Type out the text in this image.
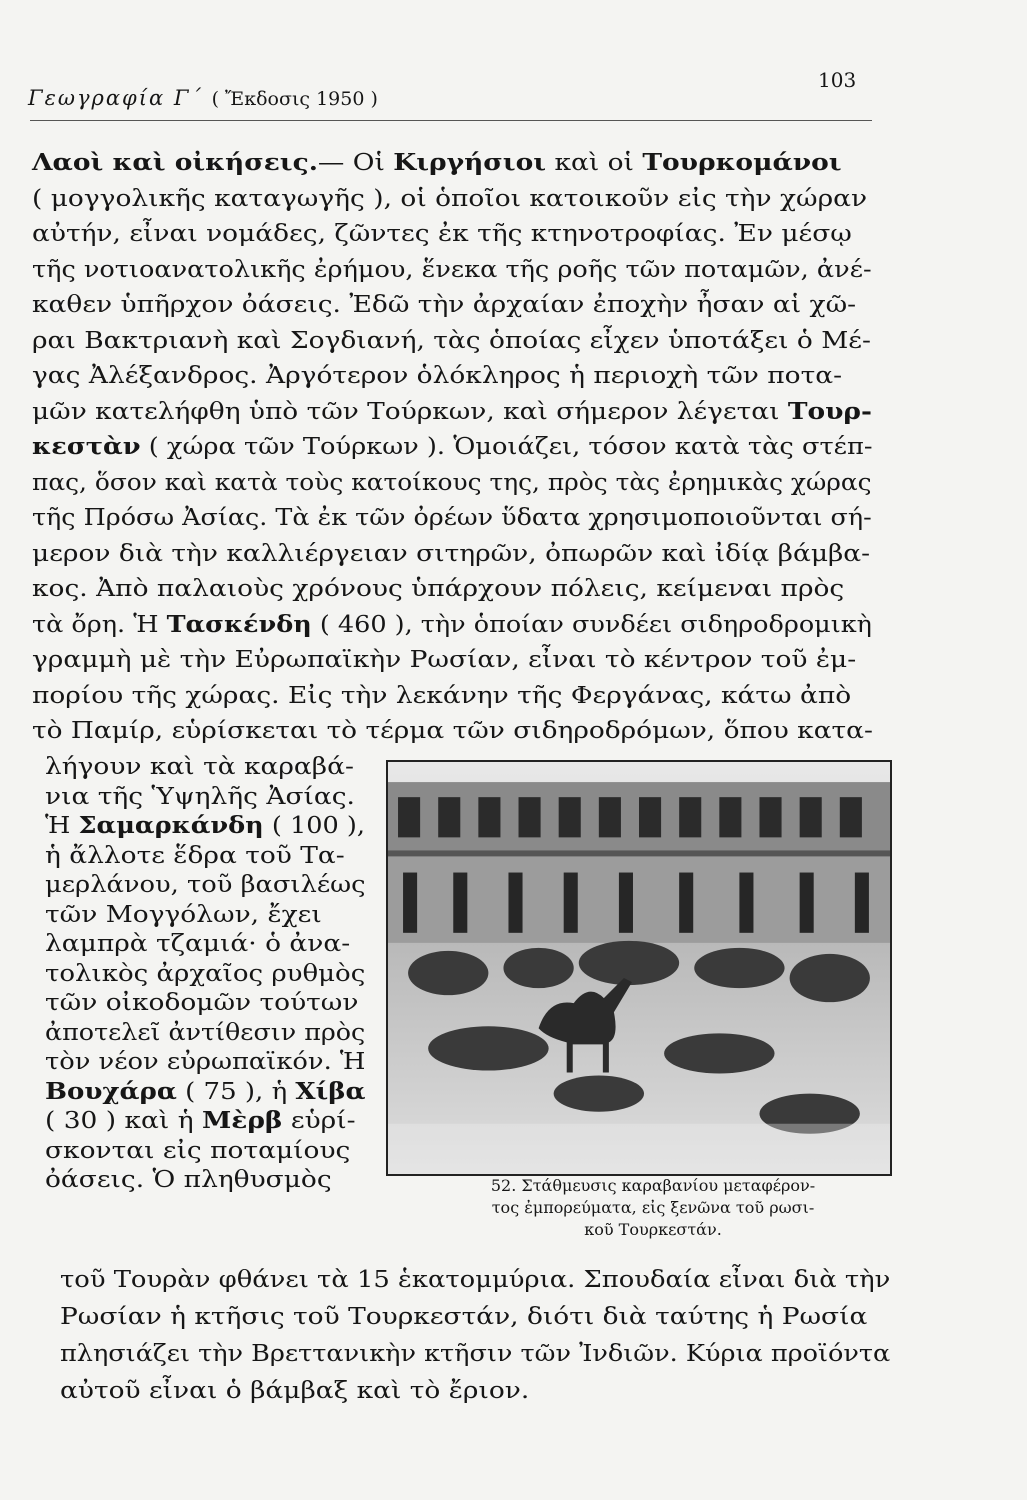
Γεωγραφία Γ΄ ( Ἔκδοσις 1950 )
103
Λαοὶ καὶ οἰκήσεις.— Οἱ Κιργήσιοι καὶ οἱ Τουρκομάνοι
( μογγολικῆς καταγωγῆς ), οἱ ὁποῖοι κατοικοῦν εἰς τὴν χώραν
αὐτήν, εἶναι νομάδες, ζῶντες ἐκ τῆς κτηνοτροφίας. Ἐν μέσῳ
τῆς νοτιοανατολικῆς ἐρήμου, ἕνεκα τῆς ροῆς τῶν ποταμῶν, ἀνέ-
καθεν ὑπῆρχον ὀάσεις. Ἐδῶ τὴν ἀρχαίαν ἐποχὴν ἦσαν αἱ χῶ-
ραι Βακτριανὴ καὶ Σογδιανή, τὰς ὁποίας εἶχεν ὑποτάξει ὁ Μέ-
γας Ἀλέξανδρος. Ἀργότερον ὁλόκληρος ἡ περιοχὴ τῶν ποτα-
μῶν κατελήφθη ὑπὸ τῶν Τούρκων, καὶ σήμερον λέγεται Τουρ-
κεστὰν ( χώρα τῶν Τούρκων ). Ὁμοιάζει, τόσον κατὰ τὰς στέπ-
πας, ὅσον καὶ κατὰ τοὺς κατοίκους της, πρὸς τὰς ἐρημικὰς χώρας
τῆς Πρόσω Ἀσίας. Τὰ ἐκ τῶν ὀρέων ὕδατα χρησιμοποιοῦνται σή-
μερον διὰ τὴν καλλιέργειαν σιτηρῶν, ὀπωρῶν καὶ ἰδίᾳ βάμβα-
κος. Ἀπὸ παλαιοὺς χρόνους ὑπάρχουν πόλεις, κείμεναι πρὸς
τὰ ὄρη. Ἡ Τασκένδη ( 460 ), τὴν ὁποίαν συνδέει σιδηροδρομικὴ
γραμμὴ μὲ τὴν Εὐρωπαϊκὴν Ρωσίαν, εἶναι τὸ κέντρον τοῦ ἐμ-
πορίου τῆς χώρας. Εἰς τὴν λεκάνην τῆς Φεργάνας, κάτω ἀπὸ
τὸ Παμίρ, εὑρίσκεται τὸ τέρμα τῶν σιδηροδρόμων, ὅπου κατα-
λήγουν καὶ τὰ καραβά-
νια τῆς Ὑψηλῆς Ἀσίας.
Ἡ Σαμαρκάνδη ( 100 ),
ἡ ἄλλοτε ἕδρα τοῦ Τα-
μερλάνου, τοῦ βασιλέως
τῶν Μογγόλων, ἔχει
λαμπρὰ τζαμιά· ὁ ἀνα-
τολικὸς ἀρχαῖος ρυθμὸς
τῶν οἰκοδομῶν τούτων
ἀποτελεῖ ἀντίθεσιν πρὸς
τὸν νέον εὐρωπαϊκόν. Ἡ
Βουχάρα ( 75 ), ἡ Χίβα
( 30 ) καὶ ἡ Μὲρβ εὑρί-
σκονται εἰς ποταμίους
ὀάσεις. Ὁ πληθυσμὸς
τοῦ Τουρὰν φθάνει τὰ 15 ἑκατομμύρια. Σπουδαία εἶναι διὰ τὴν
Ρωσίαν ἡ κτῆσις τοῦ Τουρκεστάν, διότι διὰ ταύτης ἡ Ρωσία
πλησιάζει τὴν Βρεττανικὴν κτῆσιν τῶν Ἰνδιῶν. Κύρια προϊόντα
αὐτοῦ εἶναι ὁ βάμβαξ καὶ τὸ ἔριον.
52. Στάθμευσις καραβανίου μεταφέρον-
τος ἐμπορεύματα, εἰς ξενῶνα τοῦ ρωσι-
κοῦ Τουρκεστάν.
